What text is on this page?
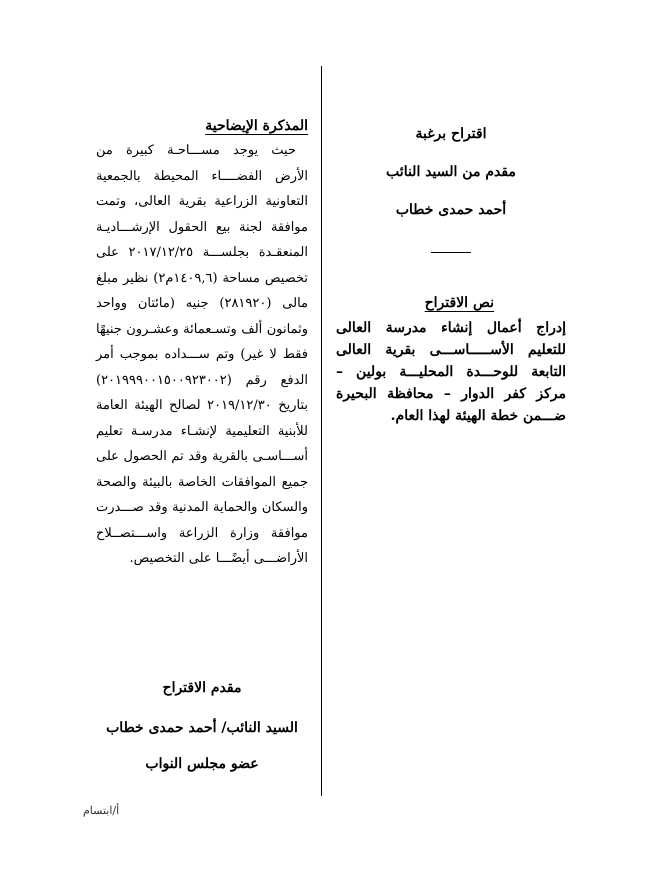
اقتراح برغبة

مقدم من السيد النائب

أحمد حمدى خطاب

نص الاقتراح
إدراج أعمال إنشاء مدرسة العالى للتعليم الأســـــاســـى بقرية العالى التابعة للوحـــدة المحليـــة بولين – مركز كفر الدوار – محافظة البحيرة ضـــمن خطة الهيئة لهذا العام.
المذكرة الإيضاحية

حيث يوجد مســـاحـة كبيرة من الأرض الفضــــاء المحيطة بالجمعية التعاونية الزراعية بقرية العالى، وتمت موافقة لجنة بيع الحقول الإرشـــاديـة المنعقـدة بجلســـة ٢٠١٧/١٢/٢٥ على تخصيص مساحة (١٤٠٩,٦م٢) نظير مبلغ مالى (٢٨١٩٢٠) جنيه (مائتان وواحد وثمانون ألف وتسـعمائة وعشـرون جنيهًا فقط لا غير) وتم ســـداده بموجب أمر الدفع رقم (٢٠١٩٩٩٠٠١٥٠٠٩٢٣٠٠٢) بتاريخ ٢٠١٩/١٢/٣٠ لصالح الهيئة العامة للأبنية التعليمية لإنشـاء مدرسـة تعليم أســـاسـى بالقرية وقد تم الحصول على جميع الموافقات الخاصة بالبيئة والصحة والسكان والحماية المدنية وقد صـــدرت موافقة وزارة الزراعة واســـتصــلاح الأراضـــى أيضًـــا على التخصيص.

مقدم الاقتراح

السيد النائب/ أحمد حمدى خطاب

عضو مجلس النواب

أ/ابتسام
